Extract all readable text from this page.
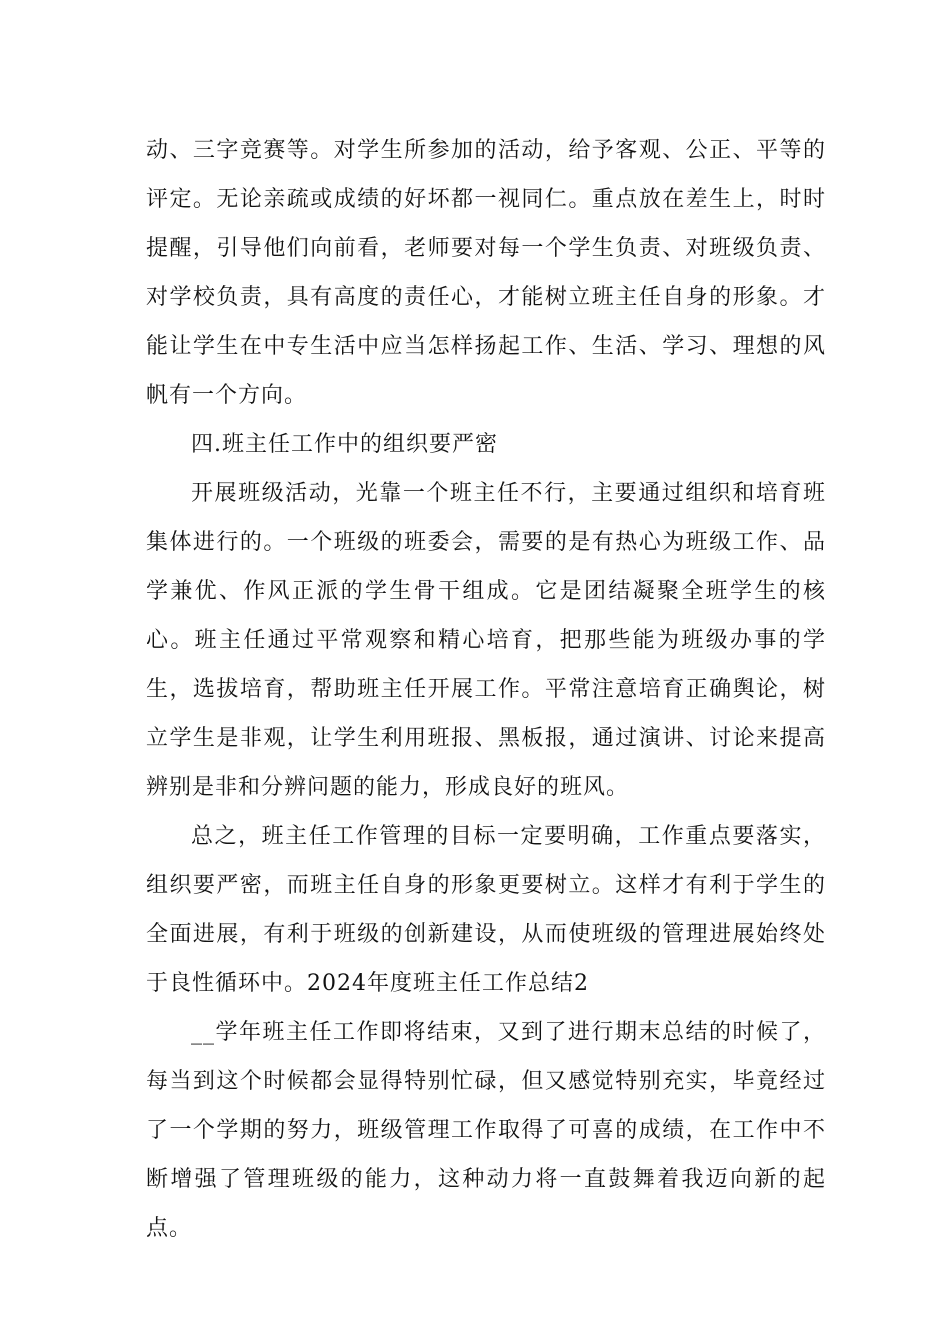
动、三字竞赛等。对学生所参加的活动，给予客观、公正、平等的评定。无论亲疏或成绩的好坏都一视同仁。重点放在差生上，时时提醒，引导他们向前看，老师要对每一个学生负责、对班级负责、对学校负责，具有高度的责任心，才能树立班主任自身的形象。才能让学生在中专生活中应当怎样扬起工作、生活、学习、理想的风帆有一个方向。

四.班主任工作中的组织要严密

开展班级活动，光靠一个班主任不行，主要通过组织和培育班集体进行的。一个班级的班委会，需要的是有热心为班级工作、品学兼优、作风正派的学生骨干组成。它是团结凝聚全班学生的核心。班主任通过平常观察和精心培育，把那些能为班级办事的学生，选拔培育，帮助班主任开展工作。平常注意培育正确舆论，树立学生是非观，让学生利用班报、黑板报，通过演讲、讨论来提高辨别是非和分辨问题的能力，形成良好的班风。

总之，班主任工作管理的目标一定要明确，工作重点要落实，组织要严密，而班主任自身的形象更要树立。这样才有利于学生的全面进展，有利于班级的创新建设，从而使班级的管理进展始终处于良性循环中。2024年度班主任工作总结2

__学年班主任工作即将结束，又到了进行期末总结的时候了，每当到这个时候都会显得特别忙碌，但又感觉特别充实，毕竟经过了一个学期的努力，班级管理工作取得了可喜的成绩，在工作中不断增强了管理班级的能力，这种动力将一直鼓舞着我迈向新的起点。
